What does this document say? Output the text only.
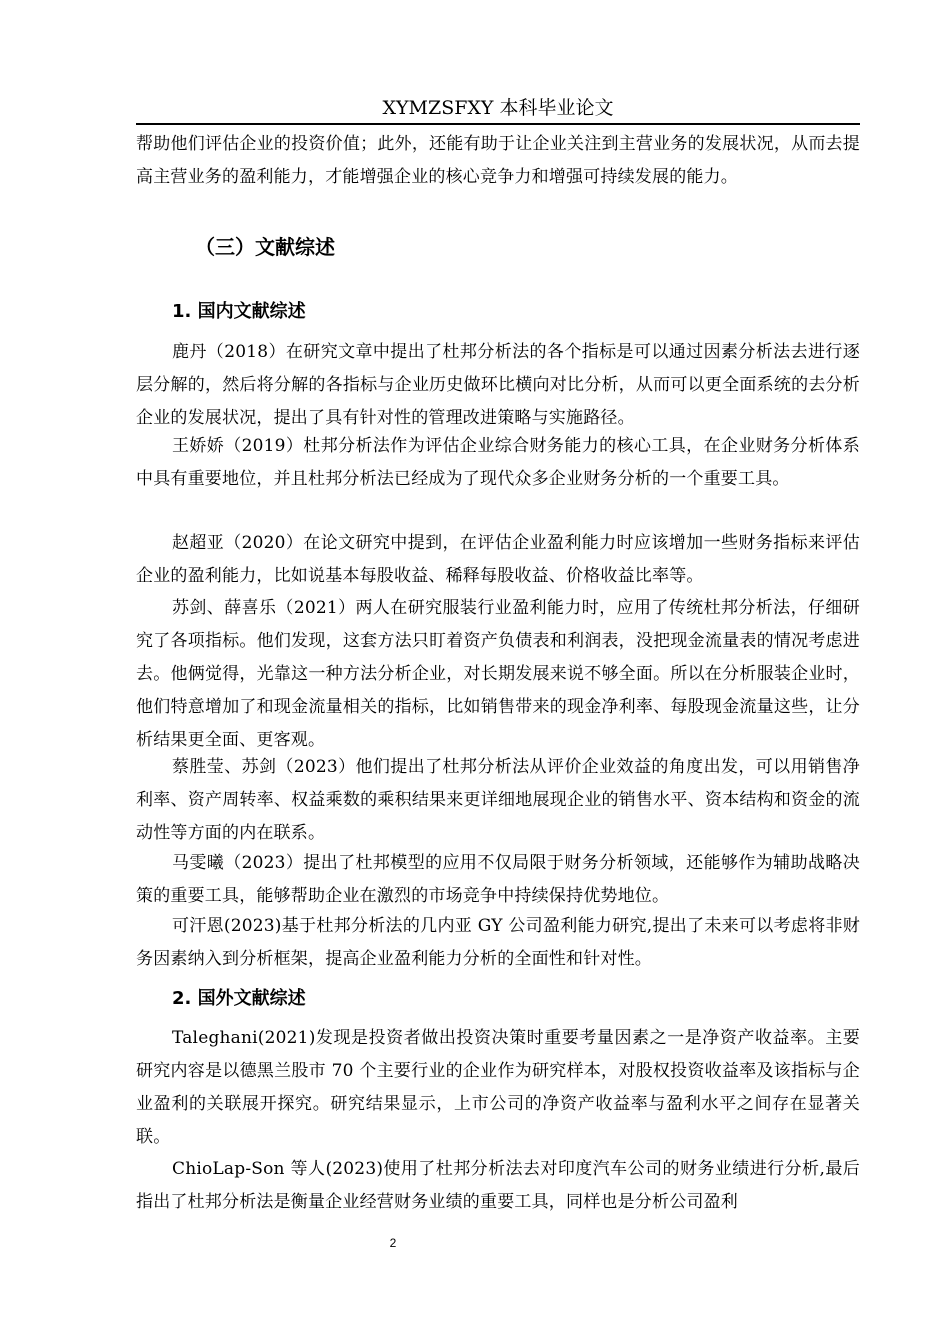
XYMZSFXY 本科毕业论文

帮助他们评估企业的投资价值；此外，还能有助于让企业关注到主营业务的发展状况，从而去提高主营业务的盈利能力，才能增强企业的核心竞争力和增强可持续发展的能力。

（三）文献综述
1. 国内文献综述

鹿丹（2018）在研究文章中提出了杜邦分析法的各个指标是可以通过因素分析法去进行逐层分解的，然后将分解的各指标与企业历史做环比横向对比分析，从而可以更全面系统的去分析企业的发展状况，提出了具有针对性的管理改进策略与实施路径。

王娇娇（2019）杜邦分析法作为评估企业综合财务能力的核心工具，在企业财务分析体系中具有重要地位，并且杜邦分析法已经成为了现代众多企业财务分析的一个重要工具。

赵超亚（2020）在论文研究中提到，在评估企业盈利能力时应该增加一些财务指标来评估企业的盈利能力，比如说基本每股收益、稀释每股收益、价格收益比率等。

苏剑、薛喜乐（2021）两人在研究服装行业盈利能力时，应用了传统杜邦分析法，仔细研究了各项指标。他们发现，这套方法只盯着资产负债表和利润表，没把现金流量表的情况考虑进去。他俩觉得，光靠这一种方法分析企业，对长期发展来说不够全面。所以在分析服装企业时，他们特意增加了和现金流量相关的指标，比如销售带来的现金净利率、每股现金流量这些，让分析结果更全面、更客观。

蔡胜莹、苏剑（2023）他们提出了杜邦分析法从评价企业效益的角度出发，可以用销售净利率、资产周转率、权益乘数的乘积结果来更详细地展现企业的销售水平、资本结构和资金的流动性等方面的内在联系。

马雯曦（2023）提出了杜邦模型的应用不仅局限于财务分析领域，还能够作为辅助战略决策的重要工具，能够帮助企业在激烈的市场竞争中持续保持优势地位。

可汗恩(2023)基于杜邦分析法的几内亚 GY 公司盈利能力研究,提出了未来可以考虑将非财务因素纳入到分析框架，提高企业盈利能力分析的全面性和针对性。

2. 国外文献综述

Taleghani(2021)发现是投资者做出投资决策时重要考量因素之一是净资产收益率。主要研究内容是以德黑兰股市 70 个主要行业的企业作为研究样本，对股权投资收益率及该指标与企业盈利的关联展开探究。研究结果显示，上市公司的净资产收益率与盈利水平之间存在显著关联。

ChioLap-Son 等人(2023)使用了杜邦分析法去对印度汽车公司的财务业绩进行分析,最后指出了杜邦分析法是衡量企业经营财务业绩的重要工具，同样也是分析公司盈利

2
